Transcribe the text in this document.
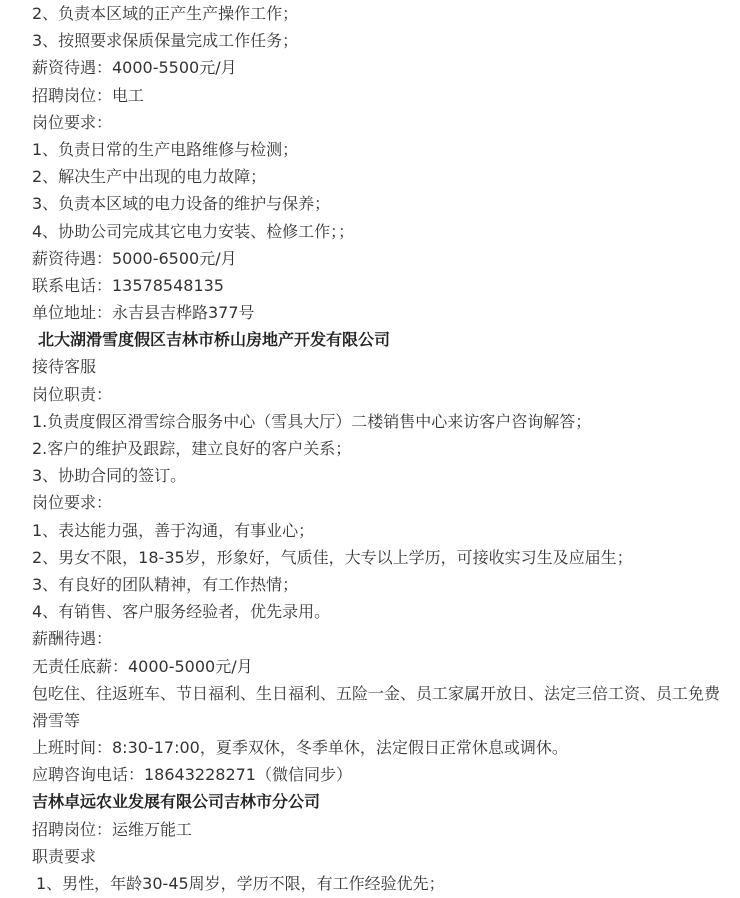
2、负责本区域的正产生产操作工作；
3、按照要求保质保量完成工作任务；
薪资待遇：4000-5500元/月
招聘岗位：电工
岗位要求：
1、负责日常的生产电路维修与检测；
2、解决生产中出现的电力故障；
3、负责本区域的电力设备的维护与保养；
4、协助公司完成其它电力安装、检修工作；；
薪资待遇：5000-6500元/月
联系电话：13578548135
单位地址：永吉县吉桦路377号
北大湖滑雪度假区吉林市桥山房地产开发有限公司
接待客服
岗位职责：
1.负责度假区滑雪综合服务中心（雪具大厅）二楼销售中心来访客户咨询解答；
2.客户的维护及跟踪，建立良好的客户关系；
3、协助合同的签订。
岗位要求：
1、表达能力强，善于沟通，有事业心；
2、男女不限，18-35岁，形象好，气质佳，大专以上学历，可接收实习生及应届生；
3、有良好的团队精神，有工作热情；
4、有销售、客户服务经验者，优先录用。
薪酬待遇：
无责任底薪：4000-5000元/月
包吃住、往返班车、节日福利、生日福利、五险一金、员工家属开放日、法定三倍工资、员工免费滑雪等
上班时间：8:30-17:00，夏季双休，冬季单休，法定假日正常休息或调休。
应聘咨询电话：18643228271（微信同步）
吉林卓远农业发展有限公司吉林市分公司
招聘岗位：运维万能工
职责要求
1、男性，年龄30-45周岁，学历不限，有工作经验优先；
